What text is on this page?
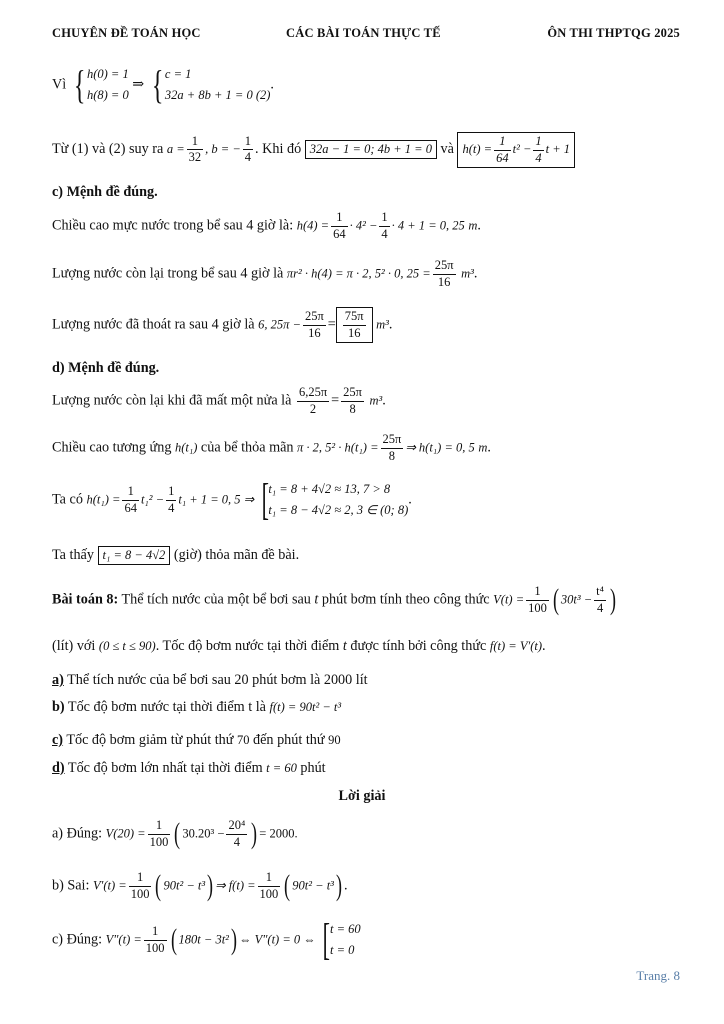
CHUYÊN ĐỀ TOÁN HỌC	CÁC BÀI TOÁN THỰC TẾ	ÔN THI THPTQG 2025
Vì { h(0) = 1
h(8) = 0 ⇒ { c = 1
32a + 8b + 1 = 0 (2).
Từ (1) và (2) suy ra $a = \frac{1}{32}$ , b = − $\frac{1}{4}$ . Khi đó 32a − 1 = 0; 4b + 1 = 0 và $h(t) = \frac{1}{64} t^2 - \frac{1}{4}$ t + 1
c) Mệnh đề đúng.
Chiều cao mực nước trong bể sau 4 giờ là: $h(4) = \frac{1}{64} \cdot 4^2 - \frac{1}{4} \cdot 4 + 1 = 0$, 25 m.
Lượng nước còn lại trong bể sau 4 giờ là πr² · h(4) = π · 2, 5² · 0, $25 = \frac{25\pi}{16} m^3$.
Lượng nước đã thoát ra sau 4 giờ là 6, $25\pi - \frac{25\pi}{16} = \frac{75\pi}{16} m^3$.
d) Mệnh đề đúng.
Lượng nước còn lại khi đã mất một nửa là $\frac{6,25\pi}{2} = \frac{25\pi}{8} m^3$.
Chiều cao tương ứng h(t₁) của bể thỏa mãn π · 2, $5^2 \cdot h(t_1) = \frac{25\pi}{8}$ ⇒ h(t₁) = 0, 5 m.
Ta có $h(t_1) = \frac{1}{64} t_1^2 - \frac{1}{4} t_1 + 1 = 0$, 5 ⇒ [t₁ = 8 + 4√2 ≈ 13, 7 > 8
t₁ = 8 − 4√2 ≈ 2, 3 ∈ (0; 8).
Ta thấy t₁ = 8 − 4√2 (giờ) thỏa mãn đề bài.
Bài toán 8: Thể tích nước của một bể bơi sau t phút bơm tính theo công thức $V(t) = \frac{1}{100}$ ( $30t^3 - \frac{\text{t⁴}}{4}$ )
(lít) với (0 ≤ t ≤ 90). Tốc độ bơm nước tại thời điểm t được tính bởi công thức f(t) = V′(t).
a) Thể tích nước của bể bơi sau 20 phút bơm là 2000 lít
b) Tốc độ bơm nước tại thời điểm t là f(t) = 90t² − t³
c) Tốc độ bơm giảm từ phút thứ 70 đến phút thứ 90
d) Tốc độ bơm lớn nhất tại thời điểm t = 60 phút
Lời giải
a) Đúng: $V(20) = \frac{1}{100}$ ( $30.20^3 - \frac{\text{20⁴}}{4}$ ) = 2000.
b) Sai: $V'(t) = \frac{1}{100}$ ( 90t² − t³) ⇒ $f(t) = \frac{1}{100}$ ( 90t² − t³) .
c) Đúng: $V''(t) = \frac{1}{100}$ ( 180t − 3t²) ⇔ V″(t) = 0 ⇔ [t = 60
t = 0
Trang. 8
